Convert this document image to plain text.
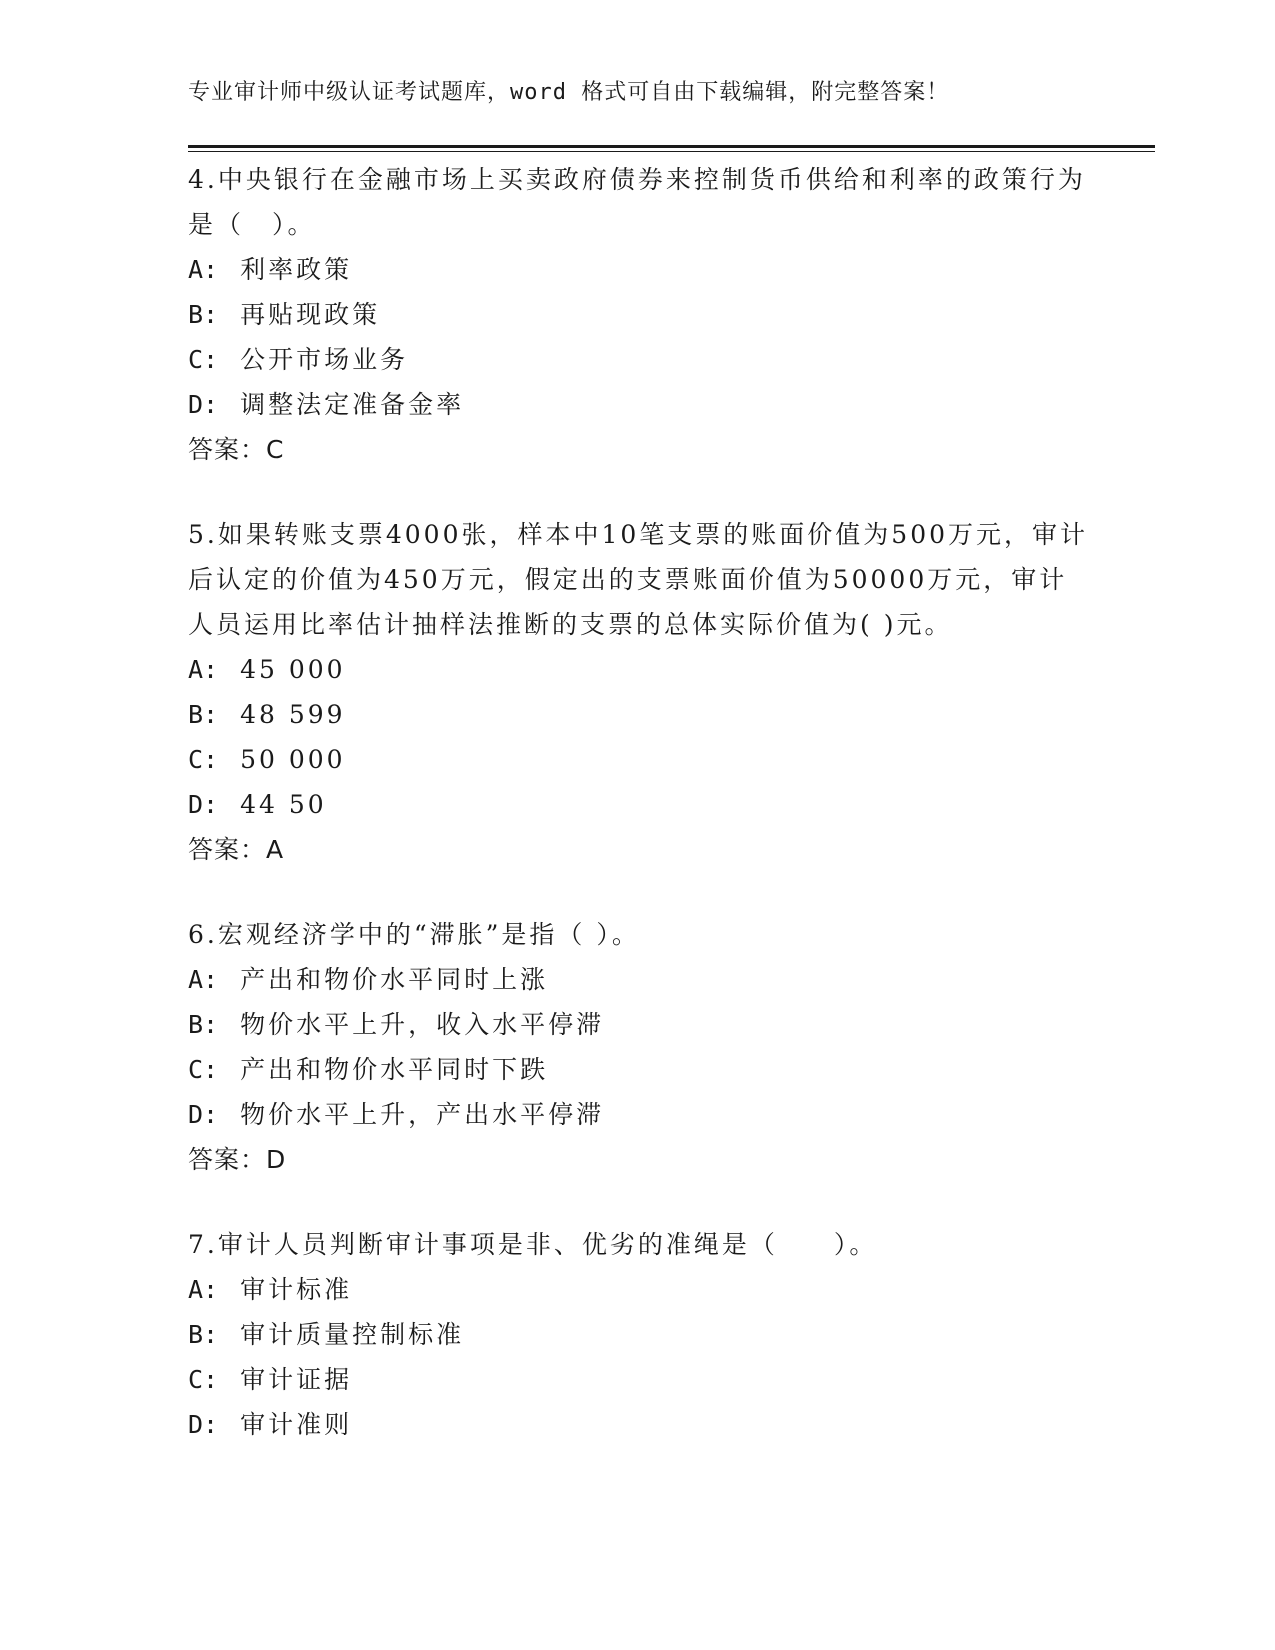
专业审计师中级认证考试题库，word 格式可自由下载编辑，附完整答案！

4.中央银行在金融市场上买卖政府债券来控制货币供给和利率的政策行为是（　）。

A: 利率政策

B: 再贴现政策

C: 公开市场业务

D: 调整法定准备金率

答案：C

5.如果转账支票4000张，样本中10笔支票的账面价值为500万元，审计后认定的价值为450万元，假定出的支票账面价值为50000万元，审计人员运用比率估计抽样法推断的支票的总体实际价值为( )元。

A: 45 000

B: 48 599

C: 50 000

D: 44 50

答案：A

6.宏观经济学中的“滞胀”是指（ ）。

A: 产出和物价水平同时上涨

B: 物价水平上升，收入水平停滞

C: 产出和物价水平同时下跌

D: 物价水平上升，产出水平停滞

答案：D

7.审计人员判断审计事项是非、优劣的准绳是（　　）。

A: 审计标准

B: 审计质量控制标准

C: 审计证据

D: 审计准则
